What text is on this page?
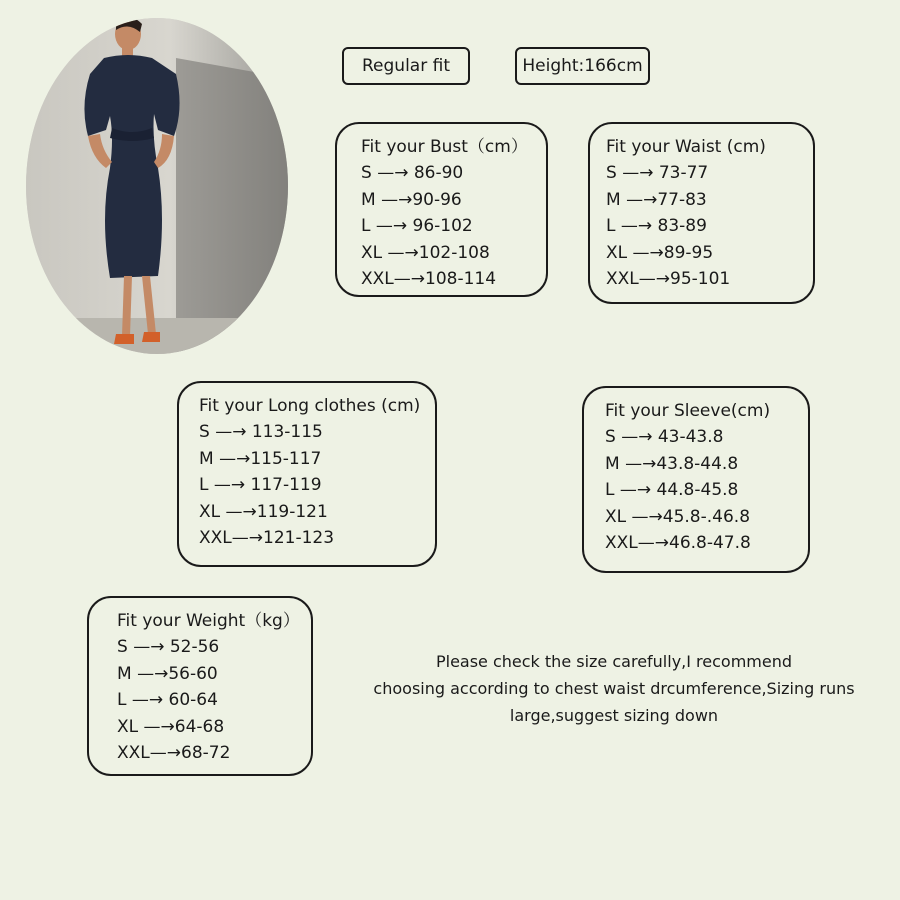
Regular fit	Height:166cm
Fit your Bust（cm）
S —→ 86-90
M —→90-96
L —→ 96-102
XL —→102-108
XXL—→108-114
Fit your Waist (cm)
S —→ 73-77
M —→77-83
L —→ 83-89
XL —→89-95
XXL—→95-101
Fit your Long clothes (cm)
S —→ 113-115
M —→115-117
L —→ 117-119
XL —→119-121
XXL—→121-123
Fit your Sleeve(cm)
S —→ 43-43.8
M —→43.8-44.8
L —→ 44.8-45.8
XL —→45.8-.46.8
XXL—→46.8-47.8
Fit your Weight（kg）
S —→ 52-56
M —→56-60
L —→ 60-64
XL —→64-68
XXL—→68-72
Please check the size carefully,I recommend
choosing according to chest waist drcumference,Sizing runs
large,suggest sizing down
